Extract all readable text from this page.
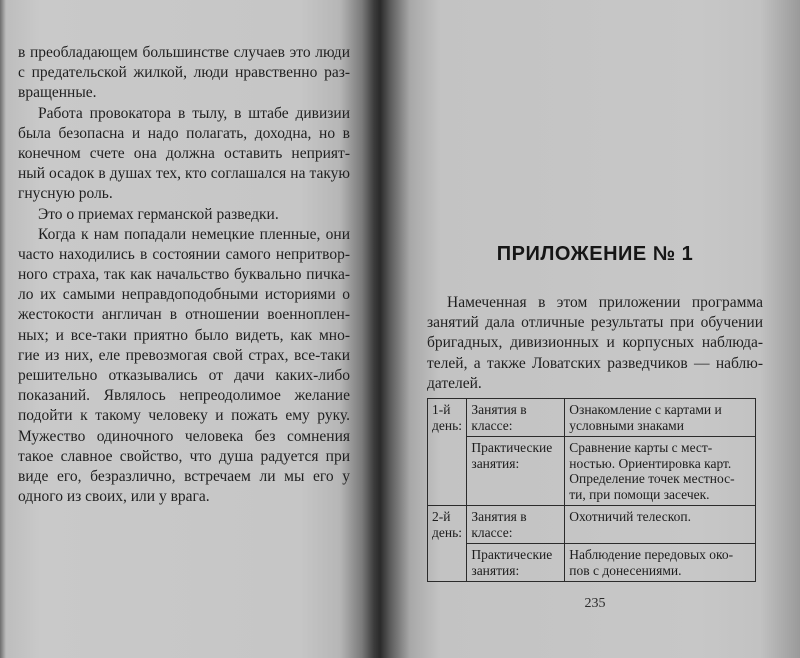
в преобладающем большинстве случаев это люди
с предательской жилкой, люди нравственно раз-
вращенные.
Работа провокатора в тылу, в штабе дивизии
была безопасна и надо полагать, доходна, но в
конечном счете она должна оставить неприят-
ный осадок в душах тех, кто соглашался на такую
гнусную роль.
Это о приемах германской разведки.
Когда к нам попадали немецкие пленные, они
часто находились в состоянии самого непритвор-
ного страха, так как начальство буквально пичка-
ло их самыми неправдоподобными историями о
жестокости англичан в отношении военноплен-
ных; и все-таки приятно было видеть, как мно-
гие из них, еле превозмогая свой страх, все-таки
решительно отказывались от дачи каких-либо
показаний. Являлось непреодолимое желание
подойти к такому человеку и пожать ему руку.
Мужество одиночного человека без сомнения
такое славное свойство, что душа радуется при
виде его, безразлично, встречаем ли мы его у
одного из своих, или у врага.
ПРИЛОЖЕНИЕ № 1
Намеченная в этом приложении программа
занятий дала отличные результаты при обучении
бригадных, дивизионных и корпусных наблюда-
телей, а также Ловатских разведчиков — наблю-
дателей.
1-й день:	Занятия в классе:	Ознакомление с картами и условными знаками
	Практические занятия:	Сравнение карты с мест-ностью. Ориентировка карт. Определение точек местнос-ти, при помощи засечек.
2-й день:	Занятия в классе:	Охотничий телескоп.
	Практические занятия:	Наблюдение передовых око-пов с донесениями.
235
